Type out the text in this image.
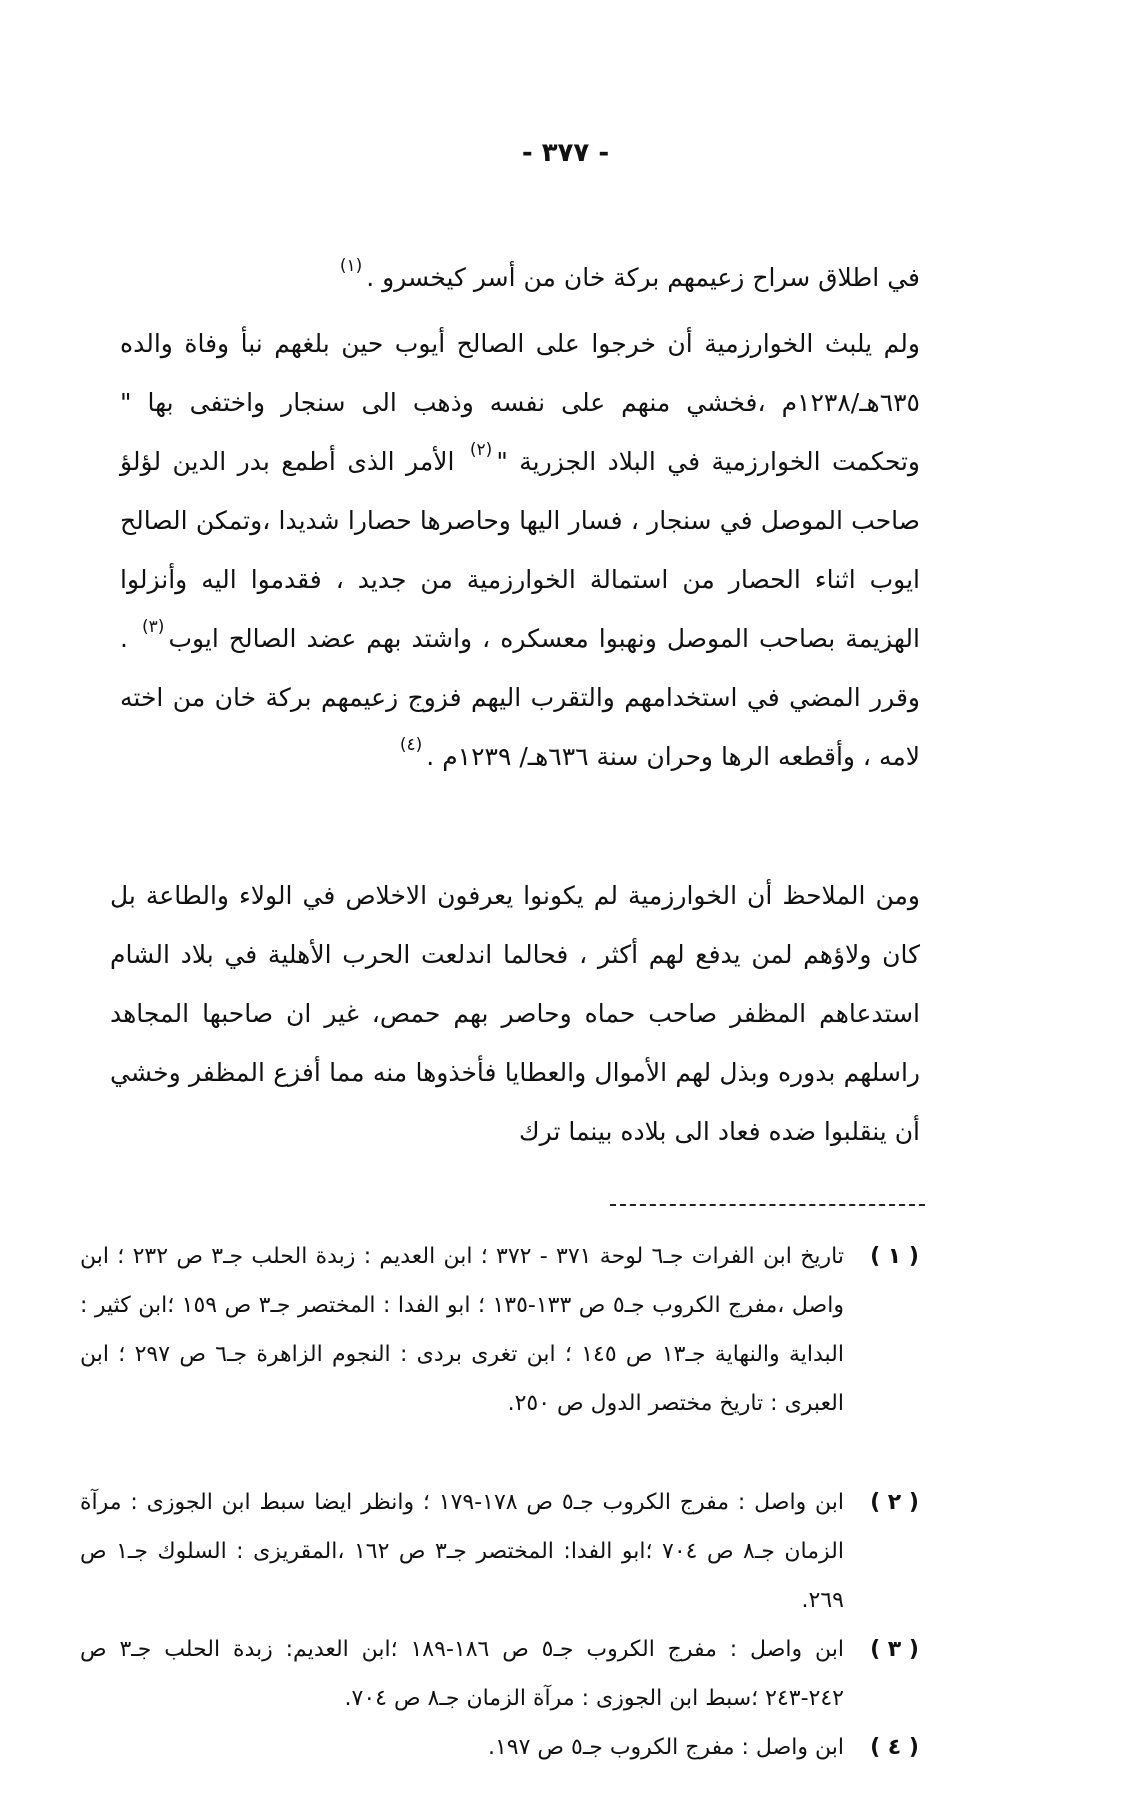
- ٣٧٧ -
في اطلاق سراح زعيمهم بركة خان من أسر كيخسرو .$^{(١)}$
ولم يلبث الخوارزمية أن خرجوا على الصالح أيوب حين بلغهم نبأ وفاة والده ٦٣٥هـ/١٢٣٨م ،فخشي منهم على نفسه وذهب الى سنجار واختفى بها " وتحكمت الخوارزمية في البلاد الجزرية "$^{(٢)}$ الأمر الذى أطمع بدر الدين لؤلؤ صاحب الموصل في سنجار ، فسار اليها وحاصرها حصارا شديدا ،وتمكن الصالح ايوب اثناء الحصار من استمالة الخوارزمية من جديد ، فقدموا اليه وأنزلوا الهزيمة بصاحب الموصل ونهبوا معسكره ، واشتد بهم عضد الصالح ايوب$^{(٣)}$ . وقرر المضي في استخدامهم والتقرب اليهم فزوج زعيمهم بركة خان من اخته لامه ، وأقطعه الرها وحران سنة ٦٣٦هـ/ ١٢٣٩م .$^{(٤)}$
ومن الملاحظ أن الخوارزمية لم يكونوا يعرفون الاخلاص في الولاء والطاعة بل كان ولاؤهم لمن يدفع لهم أكثر ، فحالما اندلعت الحرب الأهلية في بلاد الشام استدعاهم المظفر صاحب حماه وحاصر بهم حمص، غير ان صاحبها المجاهد راسلهم بدوره وبذل لهم الأموال والعطايا فأخذوها منه مما أفزع المظفر وخشي أن ينقلبوا ضده فعاد الى بلاده بينما ترك
( ١ )
تاريخ ابن الفرات جـ٦ لوحة ٣٧١ - ٣٧٢ ؛ ابن العديم : زبدة الحلب جـ٣ ص ٢٣٢ ؛ ابن واصل ،مفرج الكروب جـ٥ ص ١٣٣-١٣٥ ؛ ابو الفدا : المختصر جـ٣ ص ١٥٩ ؛ابن كثير : البداية والنهاية جـ١٣ ص ١٤٥ ؛ ابن تغرى بردى : النجوم الزاهرة جـ٦ ص ٢٩٧ ؛ ابن العبرى : تاريخ مختصر الدول ص ٢٥٠.
( ٢ )
ابن واصل : مفرج الكروب جـ٥ ص ١٧٨-١٧٩ ؛ وانظر ايضا سبط ابن الجوزى : مرآة الزمان جـ٨ ص ٧٠٤ ؛ابو الفدا: المختصر جـ٣ ص ١٦٢ ،المقريزى : السلوك جـ١ ص ٢٦٩.
( ٣ )
ابن واصل : مفرج الكروب جـ٥ ص ١٨٦-١٨٩ ؛ابن العديم: زبدة الحلب جـ٣ ص ٢٤٢-٢٤٣ ؛سبط ابن الجوزى : مرآة الزمان جـ٨ ص ٧٠٤.
( ٤ )
ابن واصل : مفرج الكروب جـ٥ ص ١٩٧.
